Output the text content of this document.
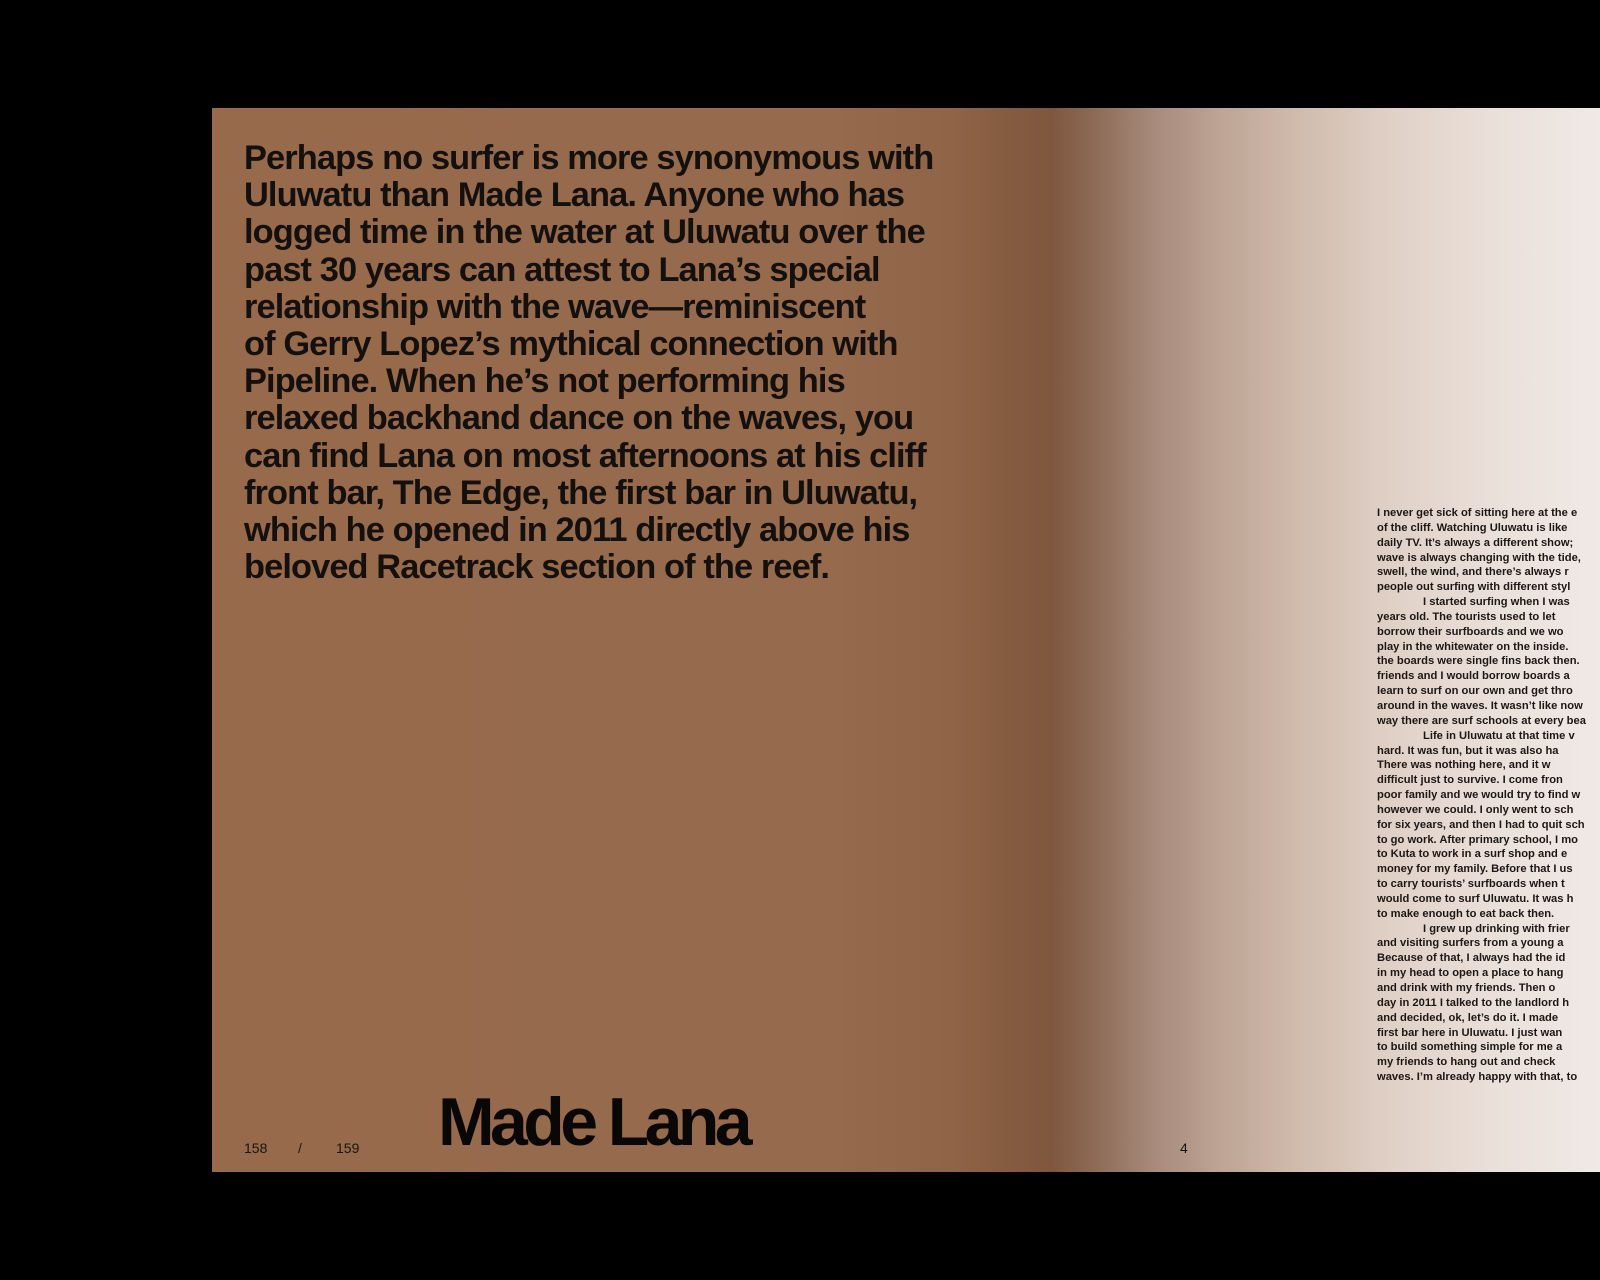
Perhaps no surfer is more synonymous with
Uluwatu than Made Lana. Anyone who has
logged time in the water at Uluwatu over the
past 30 years can attest to Lana’s special
relationship with the wave—reminiscent
of Gerry Lopez’s mythical connection with
Pipeline. When he’s not performing his
relaxed backhand dance on the waves, you
can find Lana on most afternoons at his cliff
front bar, The Edge, the first bar in Uluwatu,
which he opened in 2011 directly above his
beloved Racetrack section of the reef.
158 / 159 Made Lana	4
I never get sick of sitting here at the e
of the cliff. Watching Uluwatu is like
daily TV. It’s always a different show;
wave is always changing with the tide,
swell, the wind, and there’s always r
people out surfing with different styl
I started surfing when I was
years old. The tourists used to let
borrow their surfboards and we wo
play in the whitewater on the inside.
the boards were single fins back then.
friends and I would borrow boards a
learn to surf on our own and get thro
around in the waves. It wasn’t like now
way there are surf schools at every bea
Life in Uluwatu at that time v
hard. It was fun, but it was also ha
There was nothing here, and it w
difficult just to survive. I come fron
poor family and we would try to find w
however we could. I only went to sch
for six years, and then I had to quit sch
to go work. After primary school, I mo
to Kuta to work in a surf shop and e
money for my family. Before that I us
to carry tourists’ surfboards when t
would come to surf Uluwatu. It was h
to make enough to eat back then.
I grew up drinking with frier
and visiting surfers from a young a
Because of that, I always had the id
in my head to open a place to hang
and drink with my friends. Then o
day in 2011 I talked to the landlord h
and decided, ok, let’s do it. I made
first bar here in Uluwatu. I just wan
to build something simple for me a
my friends to hang out and check
waves. I’m already happy with that, to
